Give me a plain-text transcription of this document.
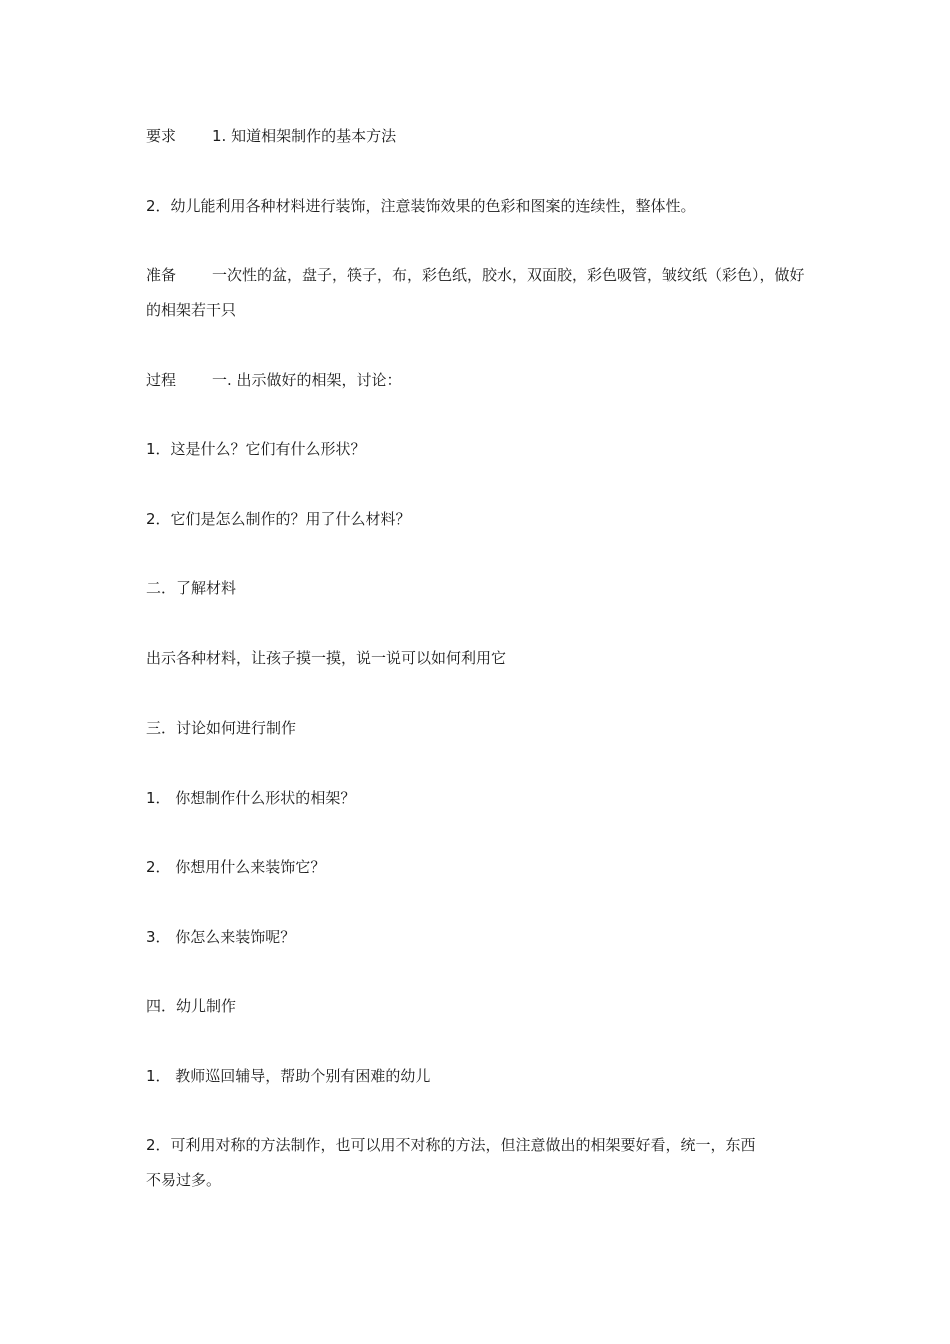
要求 1. 知道相架制作的基本方法
2．幼儿能利用各种材料进行装饰，注意装饰效果的色彩和图案的连续性，整体性。
准备 一次性的盆，盘子，筷子，布，彩色纸，胶水，双面胶，彩色吸管，皱纹纸（彩色），做好
的相架若干只
过程 一. 出示做好的相架，讨论：
1．这是什么？它们有什么形状？
2．它们是怎么制作的？用了什么材料？
二．了解材料
出示各种材料，让孩子摸一摸，说一说可以如何利用它
三．讨论如何进行制作
1． 你想制作什么形状的相架？
2． 你想用什么来装饰它？
3． 你怎么来装饰呢？
四．幼儿制作
1． 教师巡回辅导，帮助个别有困难的幼儿
2．可利用对称的方法制作，也可以用不对称的方法，但注意做出的相架要好看，统一，东西
不易过多。
